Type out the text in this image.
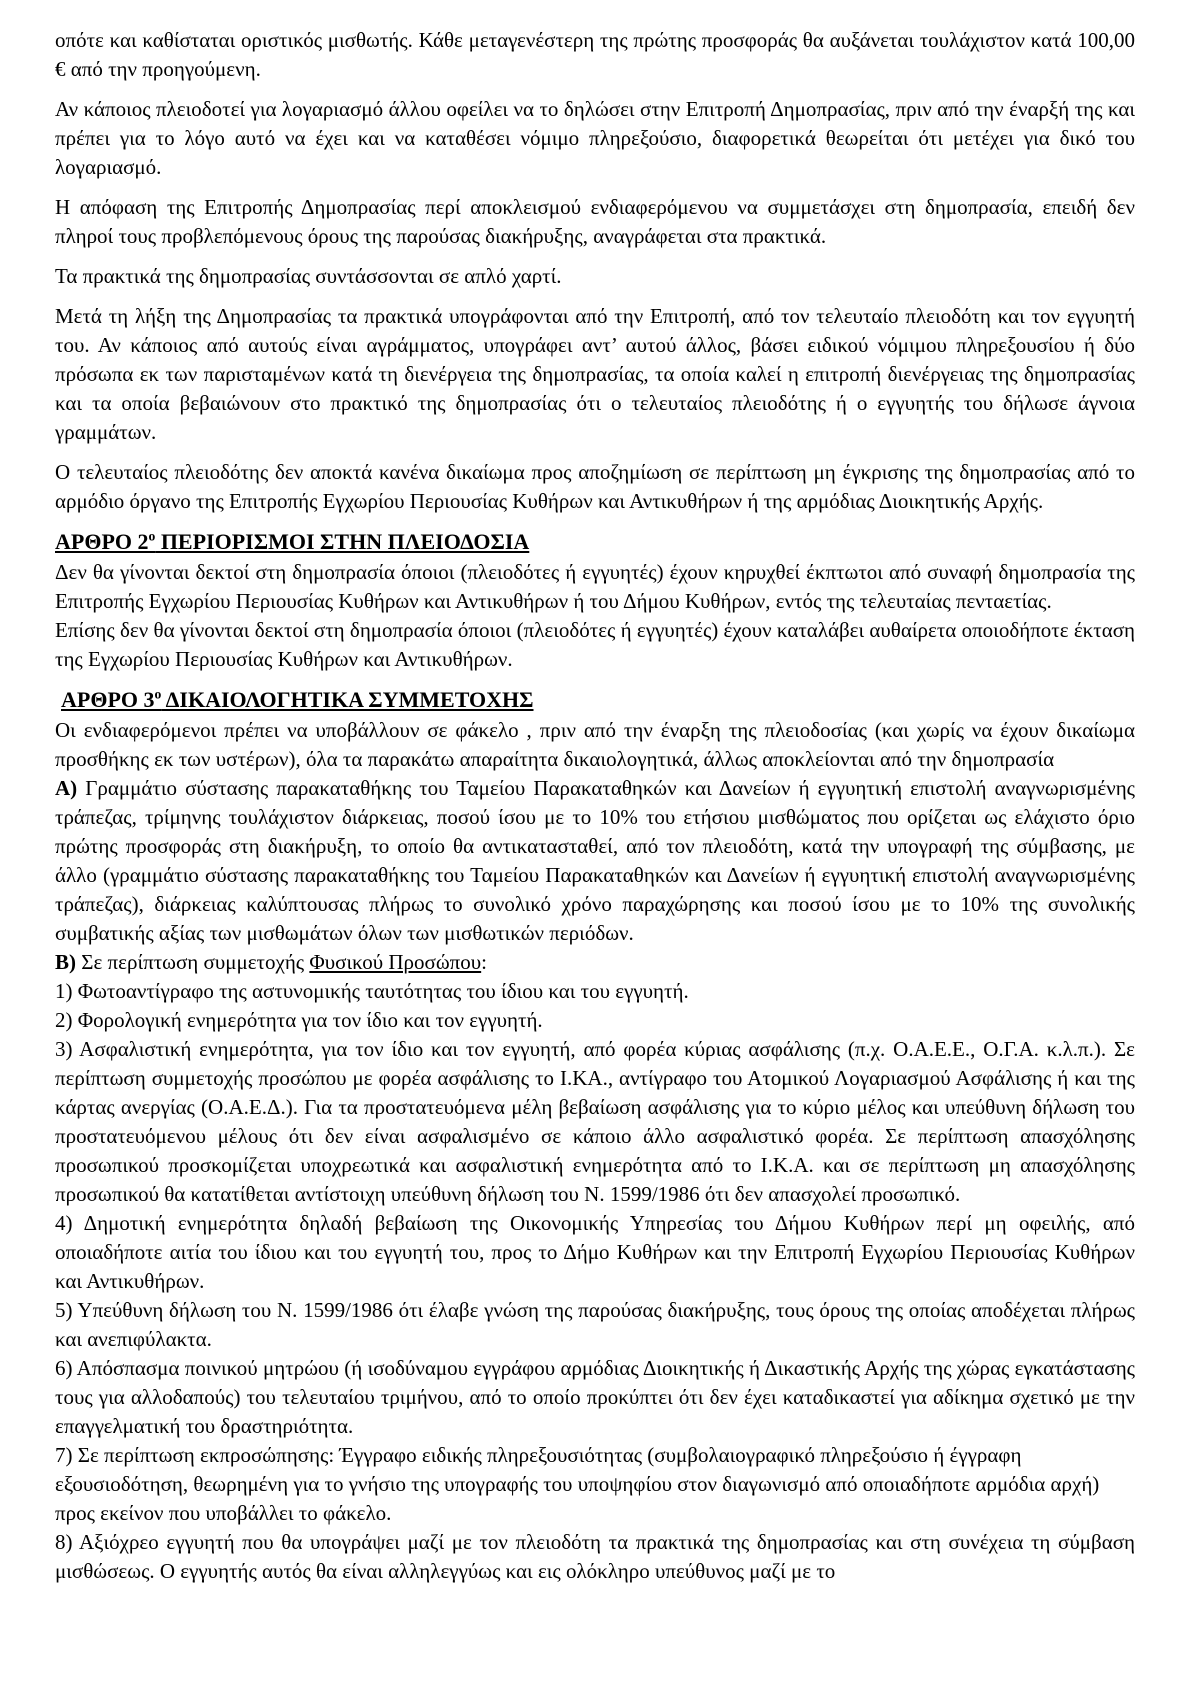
οπότε και καθίσταται οριστικός μισθωτής. Κάθε μεταγενέστερη της πρώτης προσφοράς θα αυξάνεται τουλάχιστον κατά 100,00 € από την προηγούμενη.

Αν κάποιος πλειοδοτεί για λογαριασμό άλλου οφείλει να το δηλώσει στην Επιτροπή Δημοπρασίας, πριν από την έναρξή της και πρέπει για το λόγο αυτό να έχει και να καταθέσει νόμιμο πληρεξούσιο, διαφορετικά θεωρείται ότι μετέχει για δικό του λογαριασμό.

Η απόφαση της Επιτροπής Δημοπρασίας περί αποκλεισμού ενδιαφερόμενου να συμμετάσχει στη δημοπρασία, επειδή δεν πληροί τους προβλεπόμενους όρους της παρούσας διακήρυξης, αναγράφεται στα πρακτικά.

Τα πρακτικά της δημοπρασίας συντάσσονται σε απλό χαρτί.

Μετά τη λήξη της Δημοπρασίας τα πρακτικά υπογράφονται από την Επιτροπή, από τον τελευταίο πλειοδότη και τον εγγυητή του. Αν κάποιος από αυτούς είναι αγράμματος, υπογράφει αντ’ αυτού άλλος, βάσει ειδικού νόμιμου πληρεξουσίου ή δύο πρόσωπα εκ των παρισταμένων κατά τη διενέργεια της δημοπρασίας, τα οποία καλεί η επιτροπή διενέργειας της δημοπρασίας και τα οποία βεβαιώνουν στο πρακτικό της δημοπρασίας ότι ο τελευταίος πλειοδότης ή ο εγγυητής του δήλωσε άγνοια γραμμάτων.

Ο τελευταίος πλειοδότης δεν αποκτά κανένα δικαίωμα προς αποζημίωση σε περίπτωση μη έγκρισης της δημοπρασίας από το αρμόδιο όργανο της Επιτροπής Εγχωρίου Περιουσίας Κυθήρων και Αντικυθήρων ή της αρμόδιας Διοικητικής Αρχής.

ΑΡΘΡΟ $2^o$ ΠΕΡΙΟΡΙΣΜΟΙ ΣΤΗΝ ΠΛΕΙΟΔΟΣΙΑ

Δεν θα γίνονται δεκτοί στη δημοπρασία όποιοι (πλειοδότες ή εγγυητές) έχουν κηρυχθεί έκπτωτοι από συναφή δημοπρασία της Επιτροπής Εγχωρίου Περιουσίας Κυθήρων και Αντικυθήρων ή του Δήμου Κυθήρων, εντός της τελευταίας πενταετίας.

Επίσης δεν θα γίνονται δεκτοί στη δημοπρασία όποιοι (πλειοδότες ή εγγυητές) έχουν καταλάβει αυθαίρετα οποιοδήποτε έκταση της Εγχωρίου Περιουσίας Κυθήρων και Αντικυθήρων.

ΑΡΘΡΟ $3^o$ ΔΙΚΑΙΟΛΟΓΗΤΙΚΑ ΣΥΜΜΕΤΟΧΗΣ

Οι ενδιαφερόμενοι πρέπει να υποβάλλουν σε φάκελο , πριν από την έναρξη της πλειοδοσίας (και χωρίς να έχουν δικαίωμα προσθήκης εκ των υστέρων), όλα τα παρακάτω απαραίτητα δικαιολογητικά, άλλως αποκλείονται από την δημοπρασία

Α) Γραμμάτιο σύστασης παρακαταθήκης του Ταμείου Παρακαταθηκών και Δανείων ή εγγυητική επιστολή αναγνωρισμένης τράπεζας, τρίμηνης τουλάχιστον διάρκειας, ποσού ίσου με το 10% του ετήσιου μισθώματος που ορίζεται ως ελάχιστο όριο πρώτης προσφοράς στη διακήρυξη, το οποίο θα αντικατασταθεί, από τον πλειοδότη, κατά την υπογραφή της σύμβασης, με άλλο (γραμμάτιο σύστασης παρακαταθήκης του Ταμείου Παρακαταθηκών και Δανείων ή εγγυητική επιστολή αναγνωρισμένης τράπεζας), διάρκειας καλύπτουσας πλήρως το συνολικό χρόνο παραχώρησης και ποσού ίσου με το 10% της συνολικής συμβατικής αξίας των μισθωμάτων όλων των μισθωτικών περιόδων.

Β) Σε περίπτωση συμμετοχής Φυσικού Προσώπου:

1) Φωτοαντίγραφο της αστυνομικής ταυτότητας του ίδιου και του εγγυητή.

2) Φορολογική ενημερότητα για τον ίδιο και τον εγγυητή.

3) Ασφαλιστική ενημερότητα, για τον ίδιο και τον εγγυητή, από φορέα κύριας ασφάλισης (π.χ. Ο.Α.Ε.Ε., Ο.Γ.Α. κ.λ.π.). Σε περίπτωση συμμετοχής προσώπου με φορέα ασφάλισης το Ι.ΚΑ., αντίγραφο του Ατομικού Λογαριασμού Ασφάλισης ή και της κάρτας ανεργίας (Ο.Α.Ε.Δ.). Για τα προστατευόμενα μέλη βεβαίωση ασφάλισης για το κύριο μέλος και υπεύθυνη δήλωση του προστατευόμενου μέλους ότι δεν είναι ασφαλισμένο σε κάποιο άλλο ασφαλιστικό φορέα. Σε περίπτωση απασχόλησης προσωπικού προσκομίζεται υποχρεωτικά και ασφαλιστική ενημερότητα από το Ι.Κ.Α. και σε περίπτωση μη απασχόλησης προσωπικού θα κατατίθεται αντίστοιχη υπεύθυνη δήλωση του Ν. 1599/1986 ότι δεν απασχολεί προσωπικό.

4) Δημοτική ενημερότητα δηλαδή βεβαίωση της Οικονομικής Υπηρεσίας του Δήμου Κυθήρων περί μη οφειλής, από οποιαδήποτε αιτία του ίδιου και του εγγυητή του, προς το Δήμο Κυθήρων και την Επιτροπή Εγχωρίου Περιουσίας Κυθήρων και Αντικυθήρων.

5) Υπεύθυνη δήλωση του Ν. 1599/1986 ότι έλαβε γνώση της παρούσας διακήρυξης, τους όρους της οποίας αποδέχεται πλήρως και ανεπιφύλακτα.

6) Απόσπασμα ποινικού μητρώου (ή ισοδύναμου εγγράφου αρμόδιας Διοικητικής ή Δικαστικής Αρχής της χώρας εγκατάστασης τους για αλλοδαπούς) του τελευταίου τριμήνου, από το οποίο προκύπτει ότι δεν έχει καταδικαστεί για αδίκημα σχετικό με την επαγγελματική του δραστηριότητα.

7) Σε περίπτωση εκπροσώπησης: Έγγραφο ειδικής πληρεξουσιότητας (συμβολαιογραφικό πληρεξούσιο ή έγγραφη εξουσιοδότηση, θεωρημένη για το γνήσιο της υπογραφής του υποψηφίου στον διαγωνισμό από οποιαδήποτε αρμόδια αρχή) προς εκείνον που υποβάλλει το φάκελο.

8) Αξιόχρεο εγγυητή που θα υπογράψει μαζί με τον πλειοδότη τα πρακτικά της δημοπρασίας και στη συνέχεια τη σύμβαση μισθώσεως. Ο εγγυητής αυτός θα είναι αλληλεγγύως και εις ολόκληρο υπεύθυνος μαζί με το
